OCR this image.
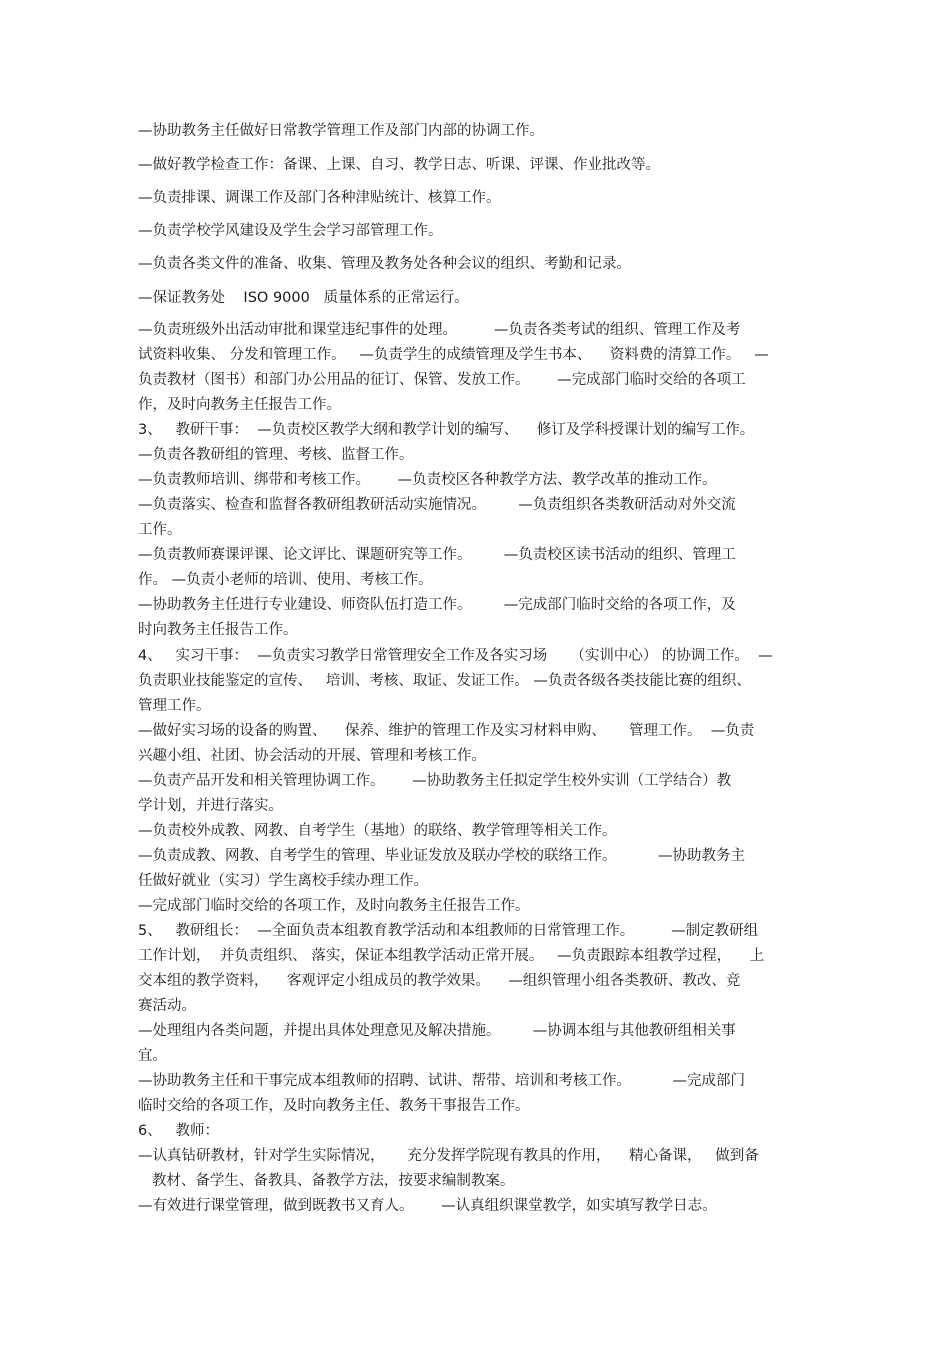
—协助教务主任做好日常教学管理工作及部门内部的协调工作。
—做好教学检查工作：备课、上课、自习、教学日志、听课、评课、作业批改等。
—负责排课、调课工作及部门各种津贴统计、核算工作。
—负责学校学风建设及学生会学习部管理工作。
—负责各类文件的准备、收集、管理及教务处各种会议的组织、考勤和记录。
—保证教务处    ISO 9000   质量体系的正常运行。
—负责班级外出活动审批和课堂违纪事件的处理。        —负责各类考试的组织、管理工作及考
试资料收集、 分发和管理工作。   —负责学生的成绩管理及学生书本、    资料费的清算工作。   —
负责教材（图书）和部门办公用品的征订、保管、发放工作。      —完成部门临时交给的各项工
作，及时向教务主任报告工作。
3、   教研干事：  —负责校区教学大纲和教学计划的编写、    修订及学科授课计划的编写工作。
—负责各教研组的管理、考核、监督工作。
—负责教师培训、绑带和考核工作。      —负责校区各种教学方法、教学改革的推动工作。
—负责落实、检查和监督各教研组教研活动实施情况。       —负责组织各类教研活动对外交流
工作。
—负责教师赛课评课、论文评比、课题研究等工作。       —负责校区读书活动的组织、管理工
作。 —负责小老师的培训、使用、考核工作。
—协助教务主任进行专业建设、师资队伍打造工作。       —完成部门临时交给的各项工作，及
时向教务主任报告工作。
4、   实习干事：  —负责实习教学日常管理安全工作及各实习场     （实训中心） 的协调工作。  —
负责职业技能鉴定的宣传、   培训、考核、取证、发证工作。 —负责各级各类技能比赛的组织、
管理工作。
—做好实习场的设备的购置、    保养、维护的管理工作及实习材料申购、     管理工作。  —负责
兴趣小组、社团、协会活动的开展、管理和考核工作。
—负责产品开发和相关管理协调工作。      —协助教务主任拟定学生校外实训（工学结合）教
学计划，并进行落实。
—负责校外成教、网教、自考学生（基地）的联络、教学管理等相关工作。
—负责成教、网教、自考学生的管理、毕业证发放及联办学校的联络工作。         —协助教务主
任做好就业（实习）学生离校手续办理工作。
—完成部门临时交给的各项工作，及时向教务主任报告工作。
5、   教研组长：  —全面负责本组教育教学活动和本组教师的日常管理工作。        —制定教研组
工作计划，  并负责组织、 落实，保证本组教学活动正常开展。   —负责跟踪本组教学过程，    上
交本组的教学资料，    客观评定小组成员的教学效果。    —组织管理小组各类教研、教改、竞
赛活动。
—处理组内各类问题，并提出具体处理意见及解决措施。       —协调本组与其他教研组相关事
宜。
—协助教务主任和干事完成本组教师的招聘、试讲、帮带、培训和考核工作。         —完成部门
临时交给的各项工作，及时向教务主任、教务干事报告工作。
6、   教师：
—认真钻研教材，针对学生实际情况，     充分发挥学院现有教具的作用，    精心备课，   做到备
教材、备学生、备教具、备教学方法，按要求编制教案。
—有效进行课堂管理，做到既教书又育人。      —认真组织课堂教学，如实填写教学日志。
